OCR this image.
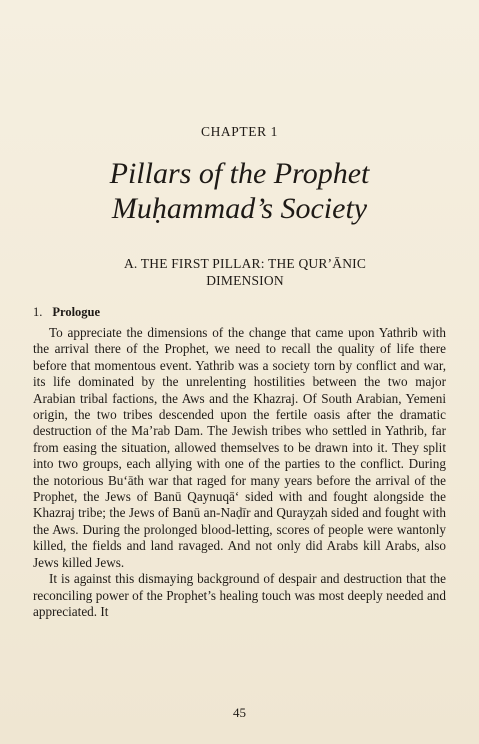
CHAPTER 1
Pillars of the Prophet
Muḥammad’s Society
A. THE FIRST PILLAR: THE QUR’ĀNIC
DIMENSION
1. Prologue

To appreciate the dimensions of the change that came upon Yathrib with the arrival there of the Prophet, we need to recall the quality of life there before that momentous event. Yathrib was a society torn by conflict and war, its life dominated by the unrelenting hostilities between the two major Arabian tribal factions, the Aws and the Khazraj. Of South Arabian, Yemeni origin, the two tribes descended upon the fertile oasis after the dramatic destruction of the Ma’rab Dam. The Jewish tribes who settled in Yathrib, far from easing the situation, allowed themselves to be drawn into it. They split into two groups, each allying with one of the parties to the conflict. During the notorious Bu‘āth war that raged for many years before the arrival of the Prophet, the Jews of Banū Qaynuqā‘ sided with and fought alongside the Khazraj tribe; the Jews of Banū an-Naḍīr and Qurayẓah sided and fought with the Aws. During the prolonged blood-letting, scores of people were wantonly killed, the fields and land ravaged. And not only did Arabs kill Arabs, also Jews killed Jews.

It is against this dismaying background of despair and destruction that the reconciling power of the Prophet’s healing touch was most deeply needed and appreciated. It

45
